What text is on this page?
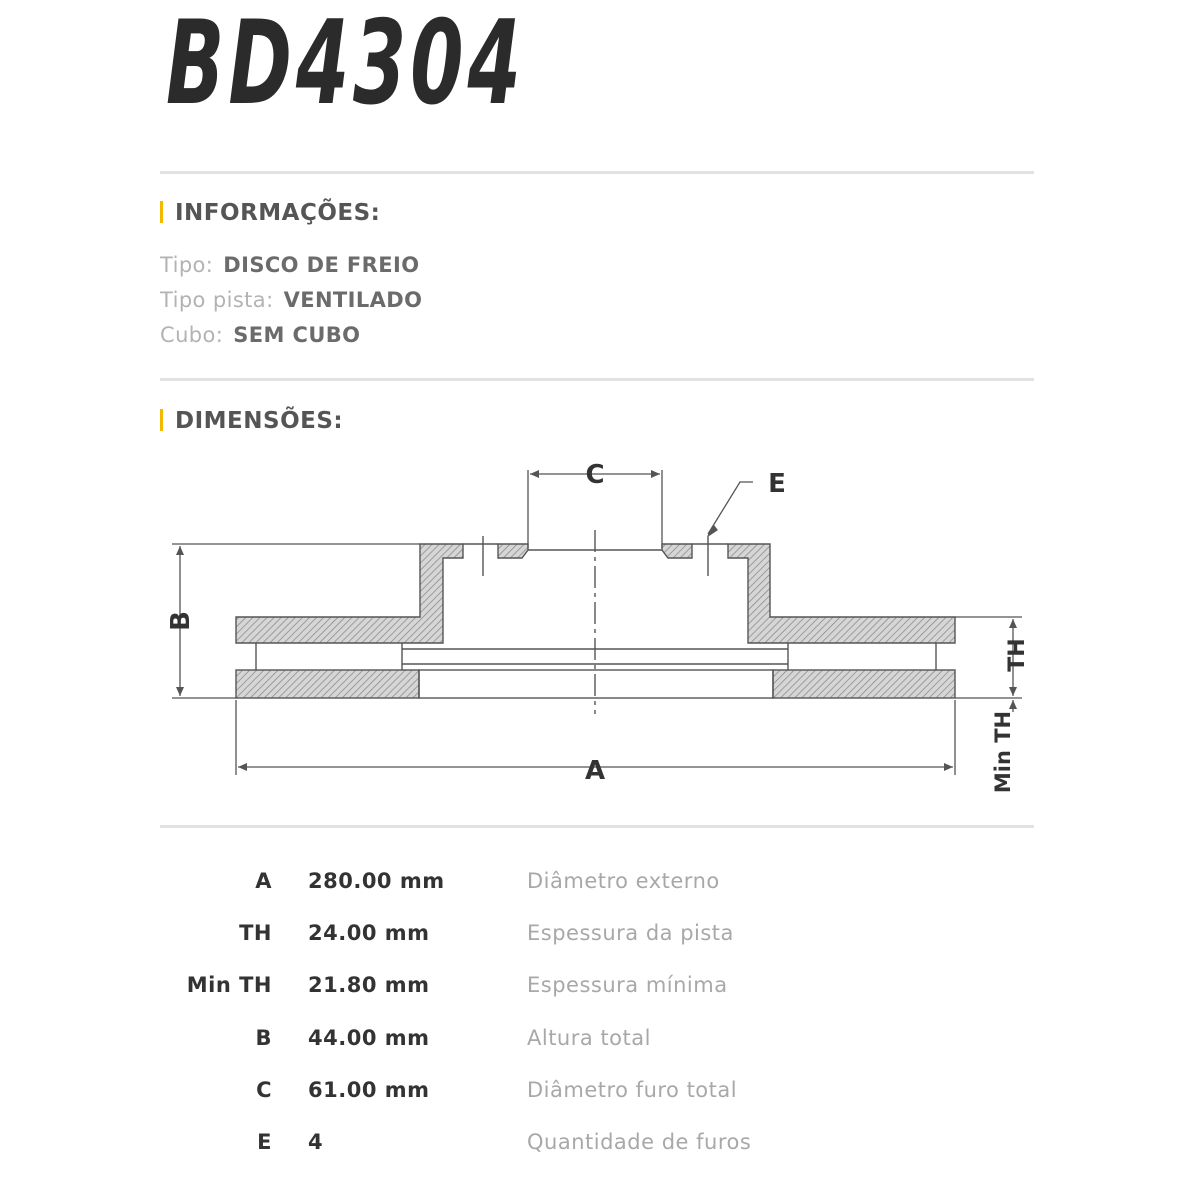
BD4304
INFORMAÇÕES:
Tipo: DISCO DE FREIO
Tipo pista: VENTILADO
Cubo: SEM CUBO
DIMENSÕES:
B
A
C	E
TH
Min TH
A 280.00 mm	Diâmetro externo
TH 24.00 mm	Espessura da pista
Min TH 21.80 mm	Espessura mínima
B 44.00 mm	Altura total
C 61.00 mm	Diâmetro furo total
E 4	Quantidade de furos
